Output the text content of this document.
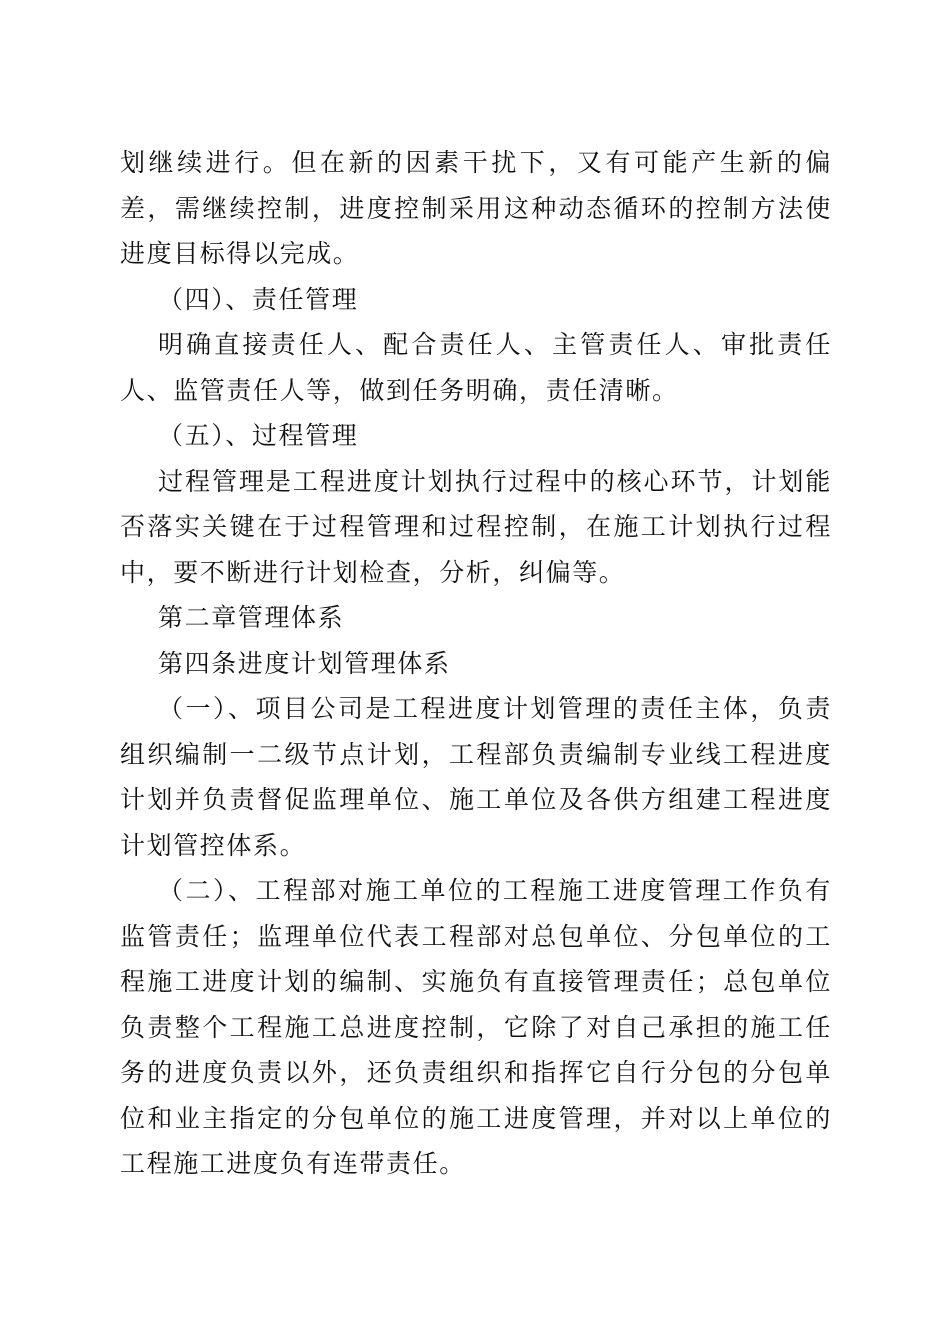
划继续进行。但在新的因素干扰下，又有可能产生新的偏差，需继续控制，进度控制采用这种动态循环的控制方法使进度目标得以完成。

（四）、责任管理

明确直接责任人、配合责任人、主管责任人、审批责任人、监管责任人等，做到任务明确，责任清晰。

（五）、过程管理

过程管理是工程进度计划执行过程中的核心环节，计划能否落实关键在于过程管理和过程控制，在施工计划执行过程中，要不断进行计划检查，分析，纠偏等。

第二章管理体系

第四条进度计划管理体系

（一）、项目公司是工程进度计划管理的责任主体，负责组织编制一二级节点计划，工程部负责编制专业线工程进度计划并负责督促监理单位、施工单位及各供方组建工程进度计划管控体系。

（二）、工程部对施工单位的工程施工进度管理工作负有监管责任；监理单位代表工程部对总包单位、分包单位的工程施工进度计划的编制、实施负有直接管理责任；总包单位负责整个工程施工总进度控制，它除了对自己承担的施工任务的进度负责以外，还负责组织和指挥它自行分包的分包单位和业主指定的分包单位的施工进度管理，并对以上单位的工程施工进度负有连带责任。
